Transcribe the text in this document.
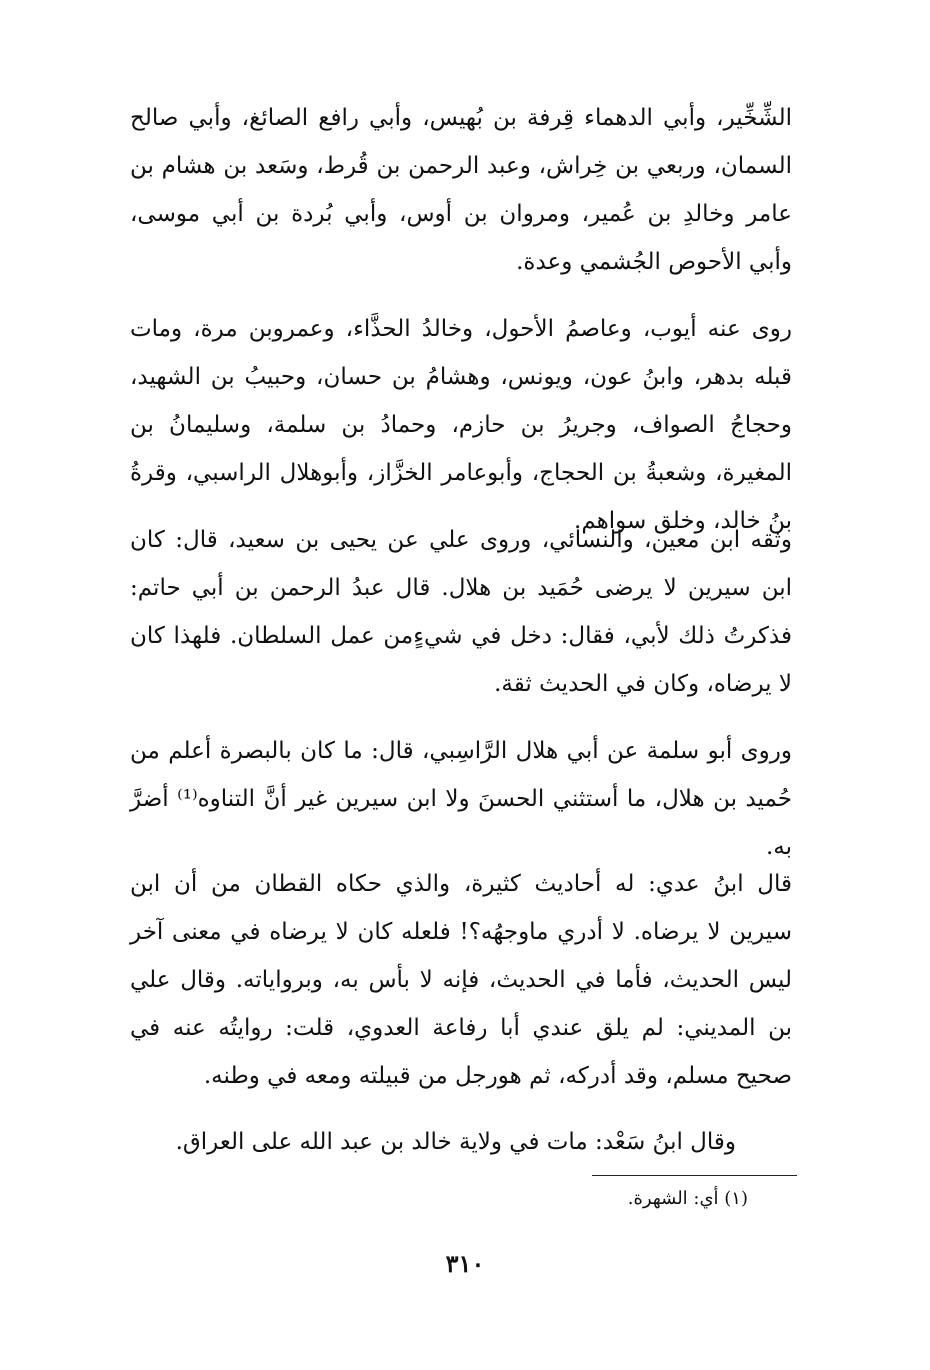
الشِّخِّير، وأبي الدهماء قِرفة بن بُهيس، وأبي رافع الصائغ، وأبي صالح السمان، وربعي بن خِراش، وعبد الرحمن بن قُرط، وسَعد بن هشام بن عامر وخالدِ بن عُمير، ومروان بن أوس، وأبي بُردة بن أبي موسى، وأبي الأحوص الجُشمي وعدة.

روى عنه أيوب، وعاصمُ الأحول، وخالدُ الحذَّاء، وعمروبن مرة، ومات قبله بدهر، وابنُ عون، ويونس، وهشامُ بن حسان، وحبيبُ بن الشهيد، وحجاجُ الصواف، وجريرُ بن حازم، وحمادُ بن سلمة، وسليمانُ بن المغيرة، وشعبةُ بن الحجاج، وأبوعامر الخزَّاز، وأبوهلال الراسبي، وقرةُ بنُ خالد، وخلق سواهم.

وثقه ابن معين، والنسائي، وروى علي عن يحيى بن سعيد، قال: كان ابن سيرين لا يرضى حُمَيد بن هلال. قال عبدُ الرحمن بن أبي حاتم: فذكرتُ ذلك لأبي، فقال: دخل في شيءٍمن عمل السلطان. فلهذا كان لا يرضاه، وكان في الحديث ثقة.

وروى أبو سلمة عن أبي هلال الرَّاسِبي، قال: ما كان بالبصرة أعلم من حُميد بن هلال، ما أستثني الحسنَ ولا ابن سيرين غير أنَّ التناوه⁽¹⁾ أضرَّ به.

قال ابنُ عدي: له أحاديث كثيرة، والذي حكاه القطان من أن ابن سيرين لا يرضاه. لا أدري ماوجهُه؟! فلعله كان لا يرضاه في معنى آخر ليس الحديث، فأما في الحديث، فإنه لا بأس به، وبرواياته. وقال علي بن المديني: لم يلق عندي أبا رفاعة العدوي، قلت: روايتُه عنه في صحيح مسلم، وقد أدركه، ثم هورجل من قبيلته ومعه في وطنه.

وقال ابنُ سَعْد: مات في ولاية خالد بن عبد الله على العراق.

(١) أي: الشهرة.
٣١٠
